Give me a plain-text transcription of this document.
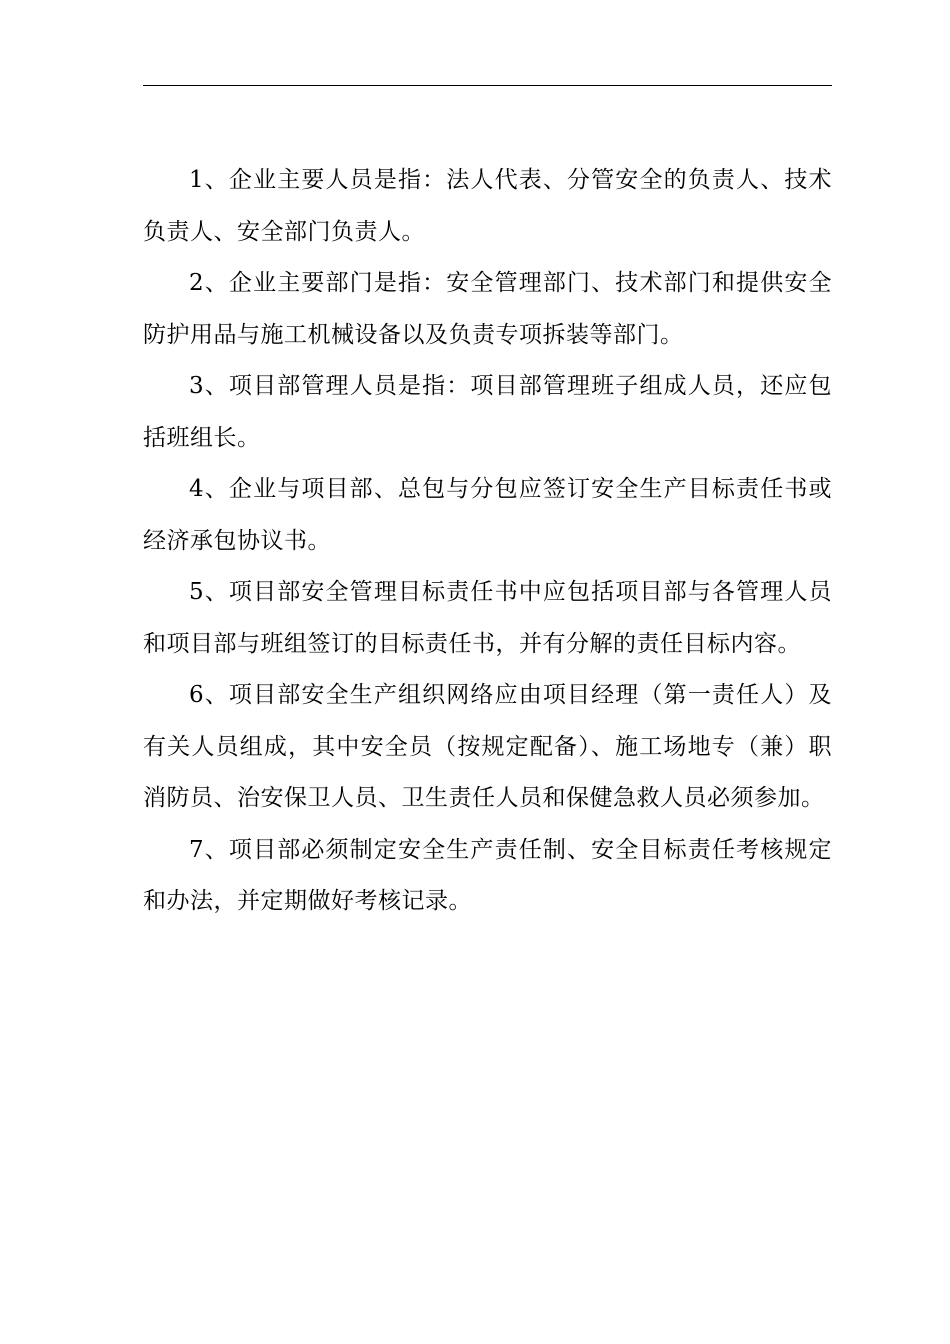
1、企业主要人员是指：法人代表、分管安全的负责人、技术负责人、安全部门负责人。

2、企业主要部门是指：安全管理部门、技术部门和提供安全防护用品与施工机械设备以及负责专项拆装等部门。

3、项目部管理人员是指：项目部管理班子组成人员，还应包括班组长。

4、企业与项目部、总包与分包应签订安全生产目标责任书或经济承包协议书。

5、项目部安全管理目标责任书中应包括项目部与各管理人员和项目部与班组签订的目标责任书，并有分解的责任目标内容。

6、项目部安全生产组织网络应由项目经理（第一责任人）及有关人员组成，其中安全员（按规定配备）、施工场地专（兼）职消防员、治安保卫人员、卫生责任人员和保健急救人员必须参加。

7、项目部必须制定安全生产责任制、安全目标责任考核规定和办法，并定期做好考核记录。
